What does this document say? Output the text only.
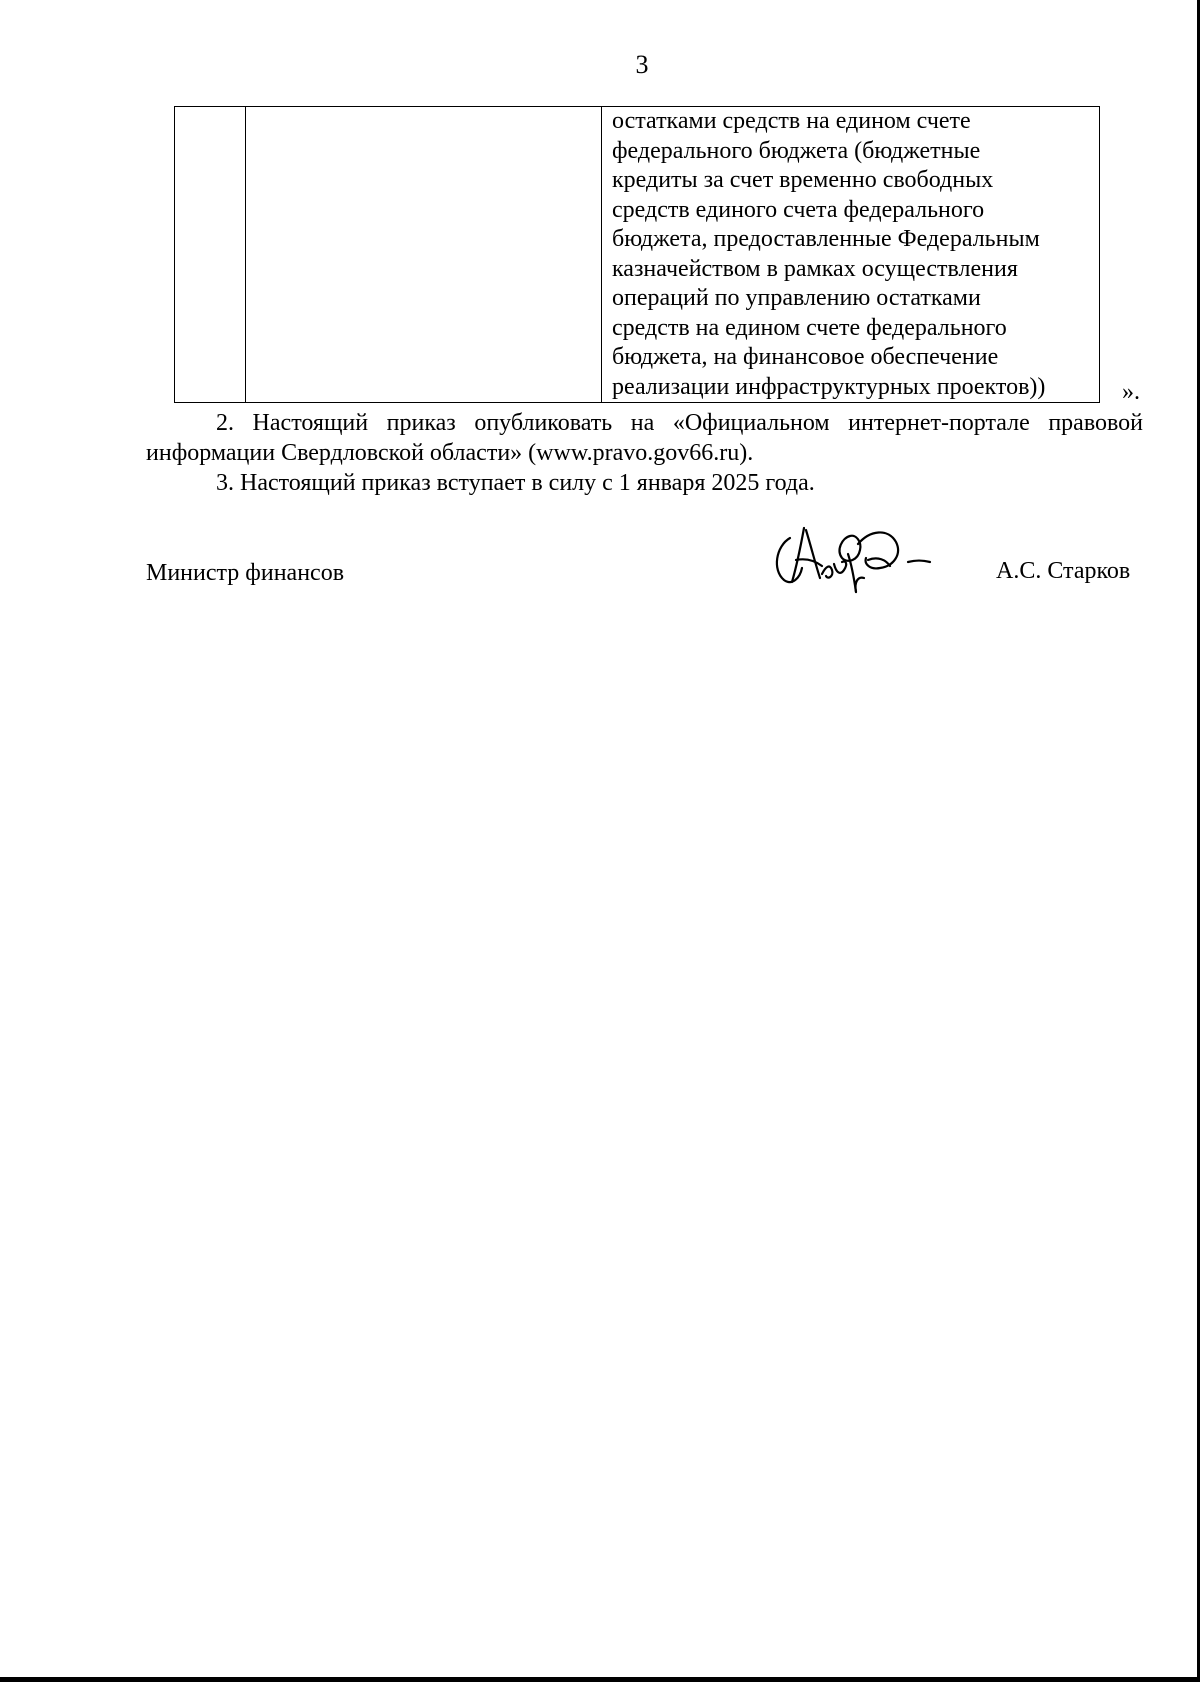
3

остатками средств на едином счете
федерального бюджета (бюджетные
кредиты за счет временно свободных
средств единого счета федерального
бюджета, предоставленные Федеральным
казначейством в рамках осуществления
операций по управлению остатками
средств на едином счете федерального
бюджета, на финансовое обеспечение
реализации инфраструктурных проектов))	».
2. Настоящий приказ опубликовать на «Официальном интернет-портале правовой
информации Свердловской области» (www.pravo.gov66.ru).
3. Настоящий приказ вступает в силу с 1 января 2025 года.
Министр финансов	А.С. Старков
